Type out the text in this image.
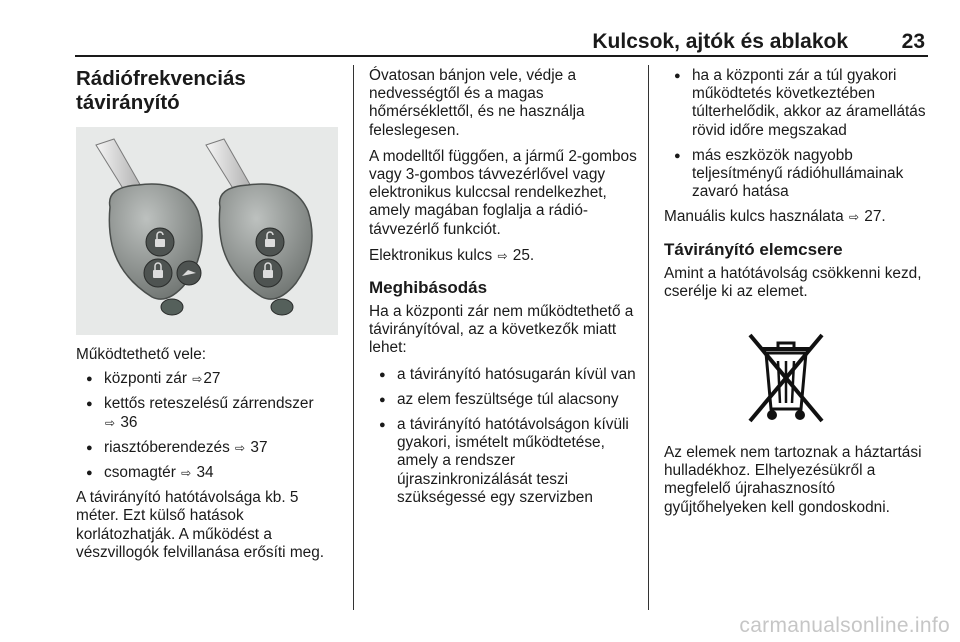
Kulcsok, ajtók és ablakok	23
Rádiófrekvenciás
távirányító

Működtethető vele:

● központi zár ⇨27
● kettős reteszelésű zárrendszer
⇨ 36
● riasztóberendezés ⇨ 37
● csomagtér ⇨ 34

A távirányító hatótávolsága kb. 5 méter. Ezt külső hatások korlátozhatják. A működést a vészvillogók felvillanása erősíti meg.

Óvatosan bánjon vele, védje a nedvességtől és a magas hőmérséklettől, és ne használja feleslegesen.

A modelltől függően, a jármű 2-gombos vagy 3-gombos távvezérlővel vagy elektronikus kulccsal rendelkezhet, amely magában foglalja a rádió-távvezérlő funkciót.

Elektronikus kulcs ⇨ 25.

Meghibásodás

Ha a központi zár nem működtethető a távirányítóval, az a következők miatt lehet:

● a távirányító hatósugarán kívül van
● az elem feszültsége túl alacsony
● a távirányító hatótávolságon kívüli gyakori, ismételt működtetése, amely a rendszer újraszinkronizálását teszi szükségessé egy szervizben
● ha a központi zár a túl gyakori működtetés következtében túlterhelődik, akkor az áramellátás rövid időre megszakad
● más eszközök nagyobb teljesítményű rádióhullámainak zavaró hatása

Manuális kulcs használata ⇨ 27.

Távirányító elemcsere

Amint a hatótávolság csökkenni kezd, cserélje ki az elemet.

Az elemek nem tartoznak a háztartási hulladékhoz. Elhelyezésükről a megfelelő újrahasznosító gyűjtőhelyeken kell gondoskodni.

carmanualsonline.info
